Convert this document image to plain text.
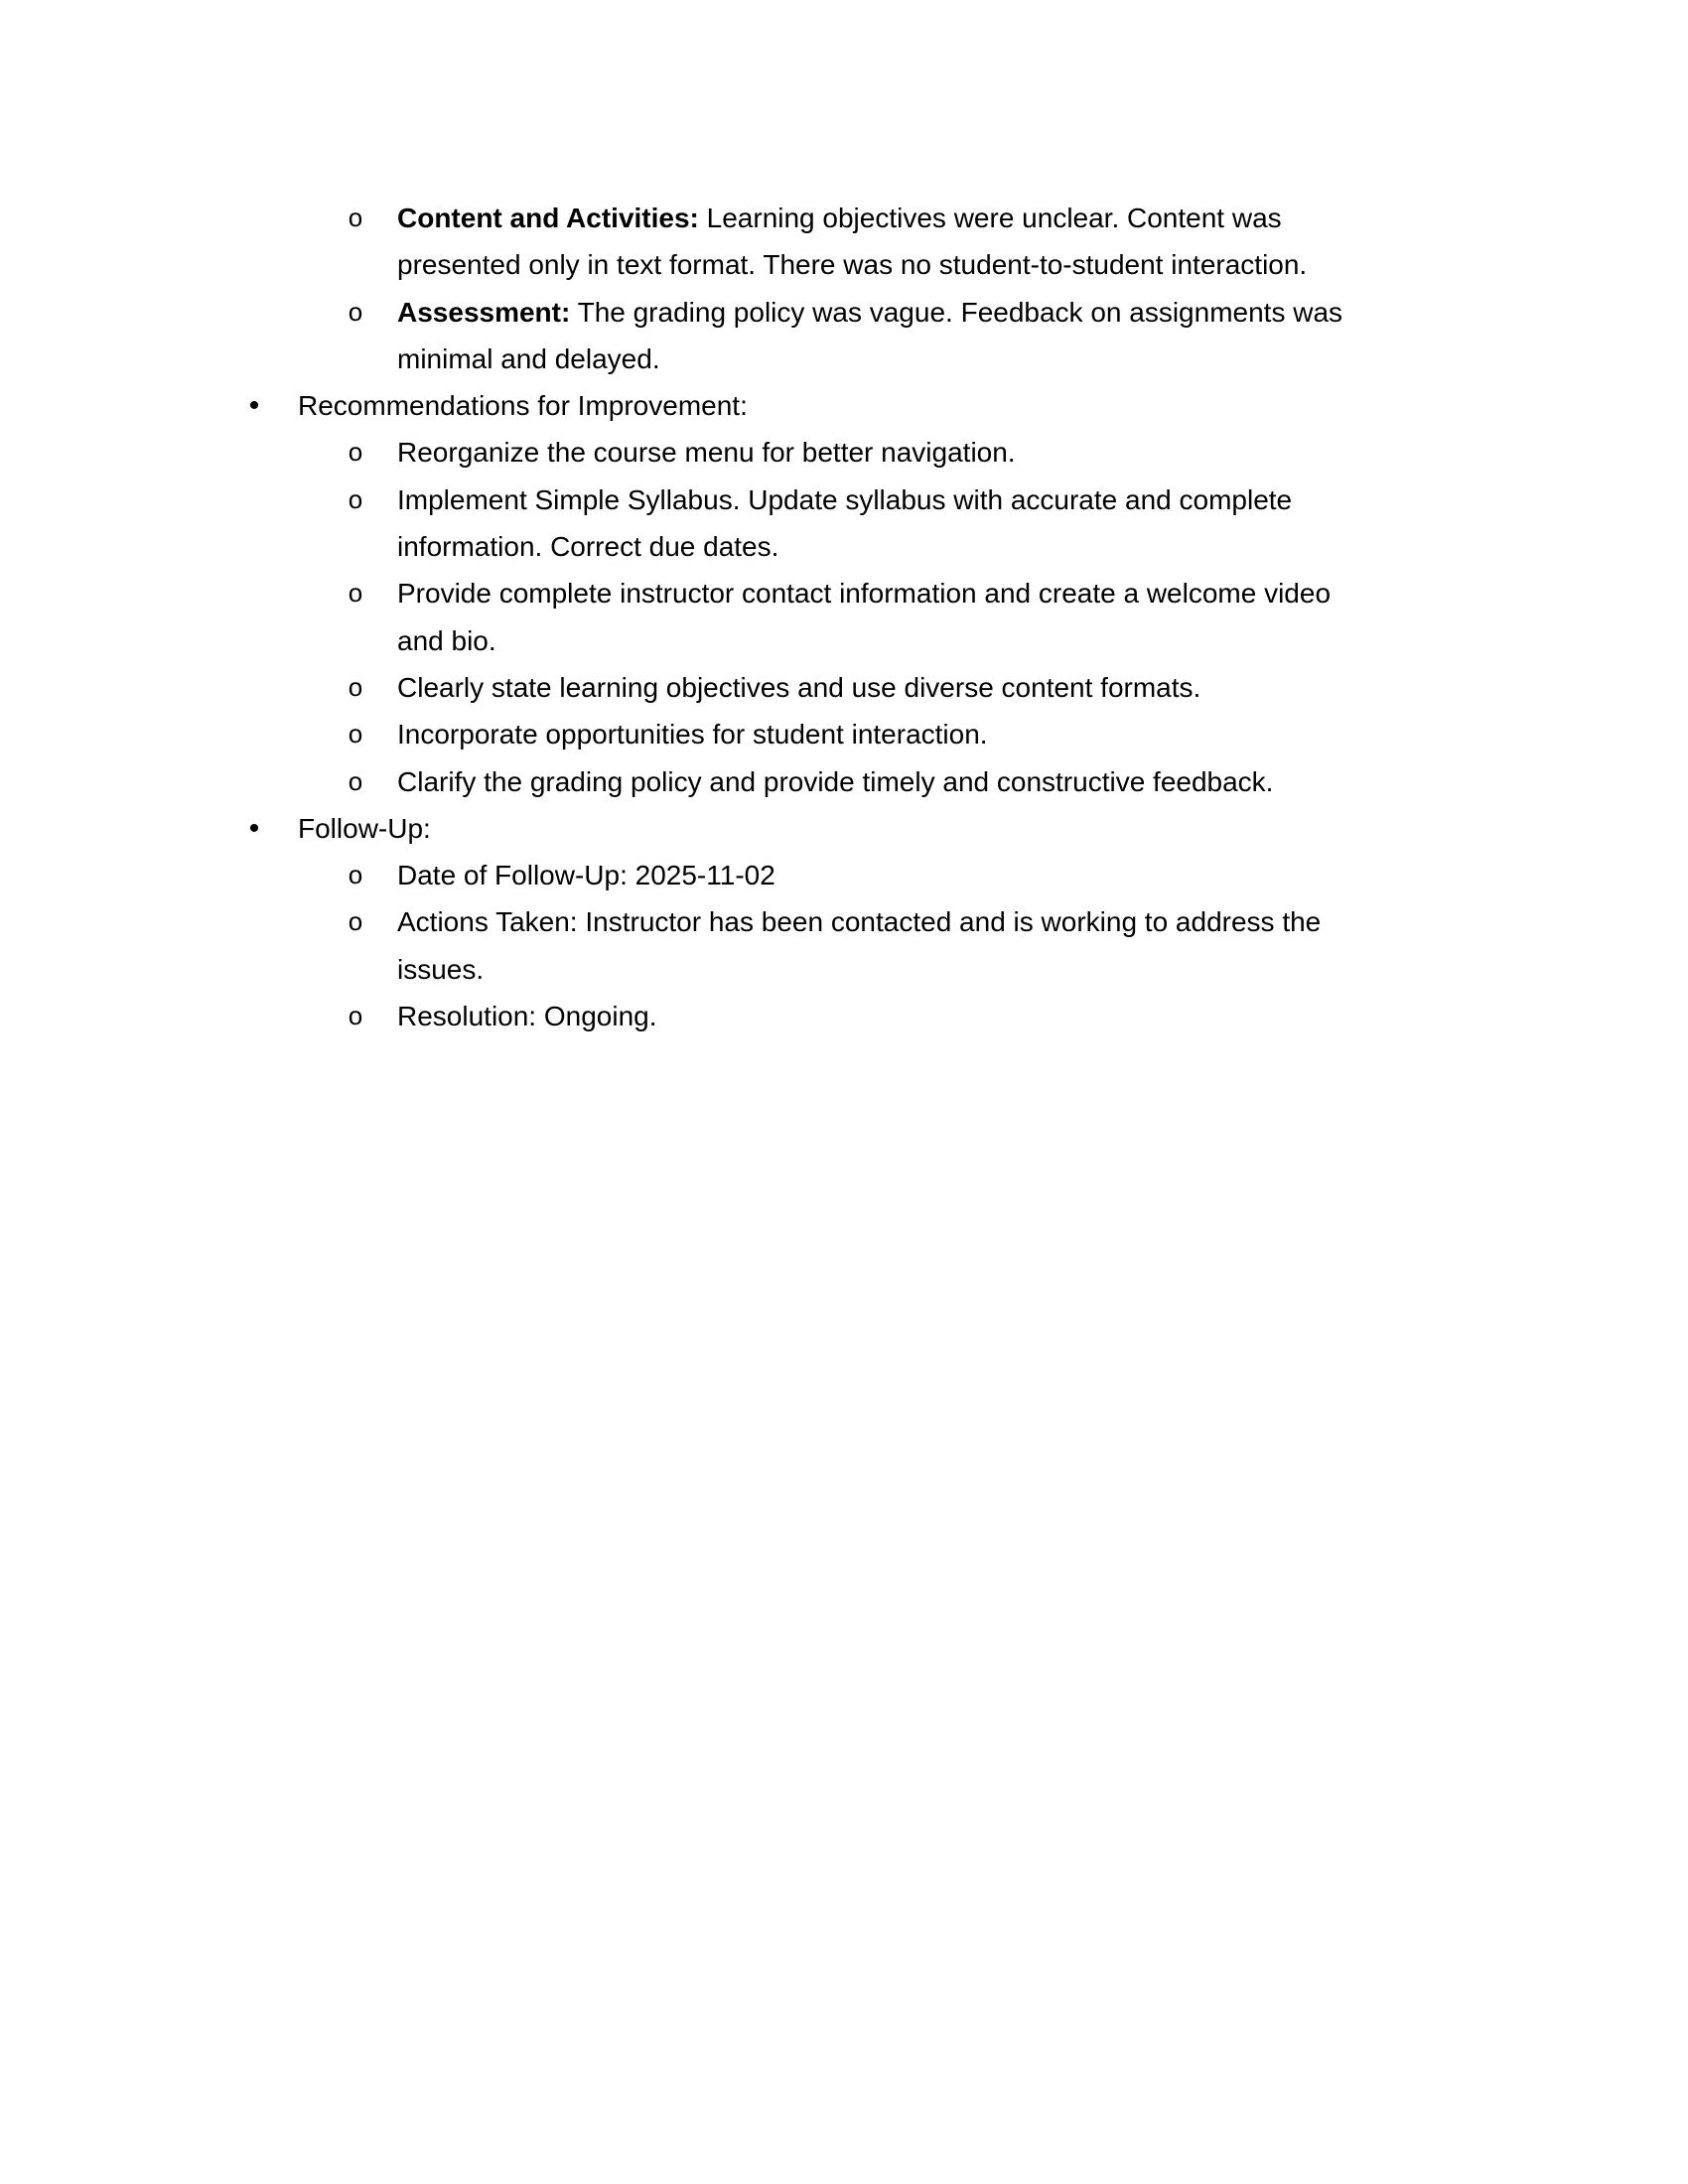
o Content and Activities: Learning objectives were unclear. Content was
presented only in text format. There was no student-to-student interaction.
o Assessment: The grading policy was vague. Feedback on assignments was
minimal and delayed.
• Recommendations for Improvement:
o Reorganize the course menu for better navigation.
o Implement Simple Syllabus. Update syllabus with accurate and complete
information. Correct due dates.
o Provide complete instructor contact information and create a welcome video
and bio.
o Clearly state learning objectives and use diverse content formats.
o Incorporate opportunities for student interaction.
o Clarify the grading policy and provide timely and constructive feedback.
• Follow-Up:
o Date of Follow-Up: 2025-11-02
o Actions Taken: Instructor has been contacted and is working to address the
issues.
o Resolution: Ongoing.
